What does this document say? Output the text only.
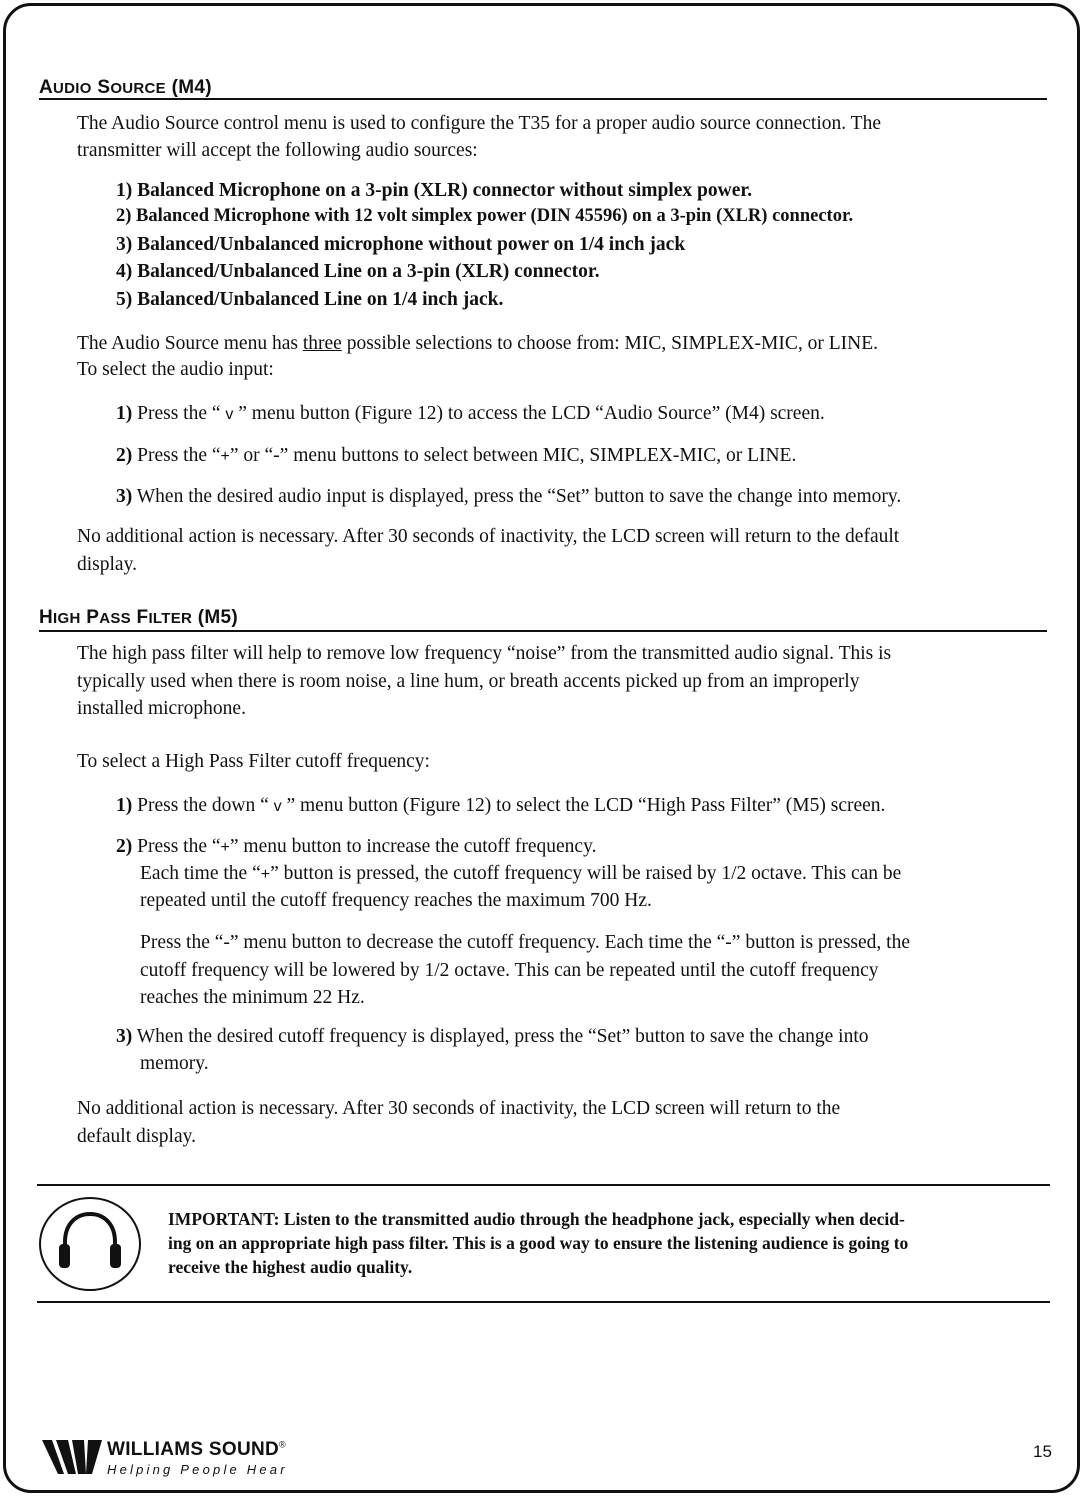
AUDIO SOURCE (M4)
The Audio Source control menu is used to configure the T35 for a proper audio source connection. The
transmitter will accept the following audio sources:
1) Balanced Microphone on a 3-pin (XLR) connector without simplex power.
2) Balanced Microphone with 12 volt simplex power (DIN 45596) on a 3-pin (XLR) connector.
3) Balanced/Unbalanced microphone without power on 1/4 inch jack
4) Balanced/Unbalanced Line on a 3-pin (XLR) connector.
5) Balanced/Unbalanced Line on 1/4 inch jack.
The Audio Source menu has three possible selections to choose from: MIC, SIMPLEX-MIC, or LINE.
To select the audio input:
1) Press the “ v ” menu button (Figure 12) to access the LCD “Audio Source” (M4) screen.
2) Press the “+” or “-” menu buttons to select between MIC, SIMPLEX-MIC, or LINE.
3) When the desired audio input is displayed, press the “Set” button to save the change into memory.
No additional action is necessary. After 30 seconds of inactivity, the LCD screen will return to the default
display.
HIGH PASS FILTER (M5)
The high pass filter will help to remove low frequency “noise” from the transmitted audio signal. This is
typically used when there is room noise, a line hum, or breath accents picked up from an improperly
installed microphone.
To select a High Pass Filter cutoff frequency:
1) Press the down “ v ” menu button (Figure 12) to select the LCD “High Pass Filter” (M5) screen.
2) Press the “+” menu button to increase the cutoff frequency.
Each time the “+” button is pressed, the cutoff frequency will be raised by 1/2 octave. This can be
repeated until the cutoff frequency reaches the maximum 700 Hz.
Press the “-” menu button to decrease the cutoff frequency. Each time the “-” button is pressed, the
cutoff frequency will be lowered by 1/2 octave. This can be repeated until the cutoff frequency
reaches the minimum 22 Hz.
3) When the desired cutoff frequency is displayed, press the “Set” button to save the change into
memory.
No additional action is necessary. After 30 seconds of inactivity, the LCD screen will return to the
default display.
IMPORTANT: Listen to the transmitted audio through the headphone jack, especially when decid-
ing on an appropriate high pass filter. This is a good way to ensure the listening audience is going to
receive the highest audio quality.
WILLIAMS SOUND®
Helping People Hear
15
